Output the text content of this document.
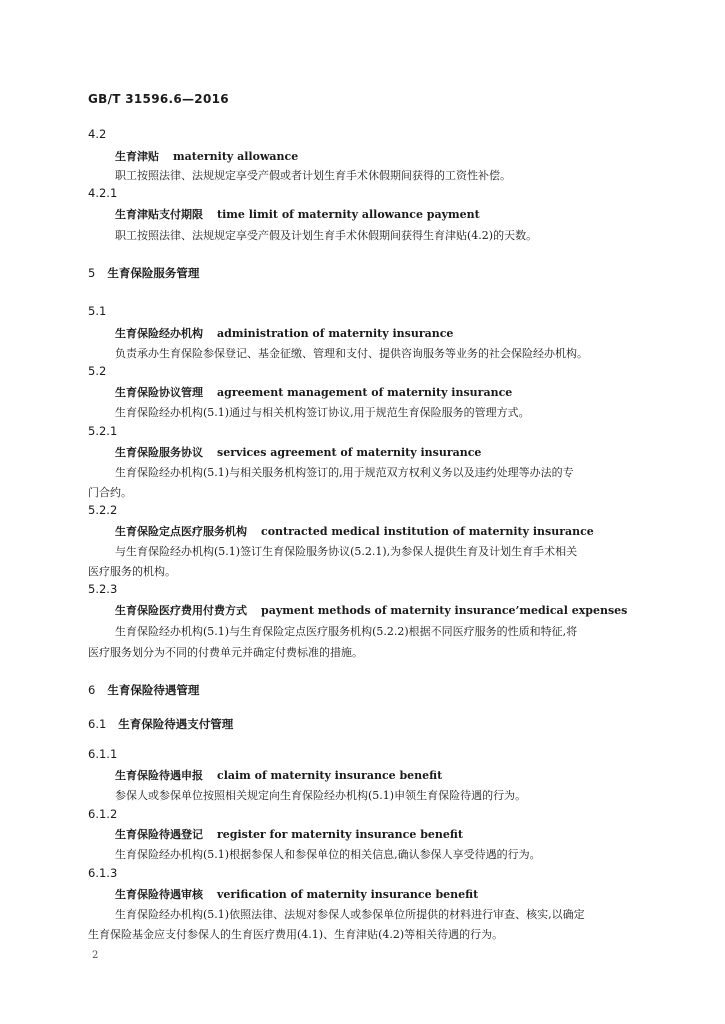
GB/T 31596.6—2016
4.2
生育津贴 maternity allowance
职工按照法律、法规规定享受产假或者计划生育手术休假期间获得的工资性补偿。
4.2.1
生育津贴支付期限 time limit of maternity allowance payment
职工按照法律、法规规定享受产假及计划生育手术休假期间获得生育津贴(4.2)的天数。
5 生育保险服务管理
5.1
生育保险经办机构 administration of maternity insurance
负责承办生育保险参保登记、基金征缴、管理和支付、提供咨询服务等业务的社会保险经办机构。
5.2
生育保险协议管理 agreement management of maternity insurance
生育保险经办机构(5.1)通过与相关机构签订协议,用于规范生育保险服务的管理方式。
5.2.1
生育保险服务协议 services agreement of maternity insurance
生育保险经办机构(5.1)与相关服务机构签订的,用于规范双方权利义务以及违约处理等办法的专
门合约。
5.2.2
生育保险定点医疗服务机构 contracted medical institution of maternity insurance
与生育保险经办机构(5.1)签订生育保险服务协议(5.2.1),为参保人提供生育及计划生育手术相关
医疗服务的机构。
5.2.3
生育保险医疗费用付费方式 payment methods of maternity insurance’medical expenses
生育保险经办机构(5.1)与生育保险定点医疗服务机构(5.2.2)根据不同医疗服务的性质和特征,将
医疗服务划分为不同的付费单元并确定付费标准的措施。
6 生育保险待遇管理
6.1 生育保险待遇支付管理
6.1.1
生育保险待遇申报 claim of maternity insurance benefit
参保人或参保单位按照相关规定向生育保险经办机构(5.1)申领生育保险待遇的行为。
6.1.2
生育保险待遇登记 register for maternity insurance benefit
生育保险经办机构(5.1)根据参保人和参保单位的相关信息,确认参保人享受待遇的行为。
6.1.3
生育保险待遇审核 verification of maternity insurance benefit
生育保险经办机构(5.1)依照法律、法规对参保人或参保单位所提供的材料进行审查、核实,以确定
生育保险基金应支付参保人的生育医疗费用(4.1)、生育津贴(4.2)等相关待遇的行为。
2
